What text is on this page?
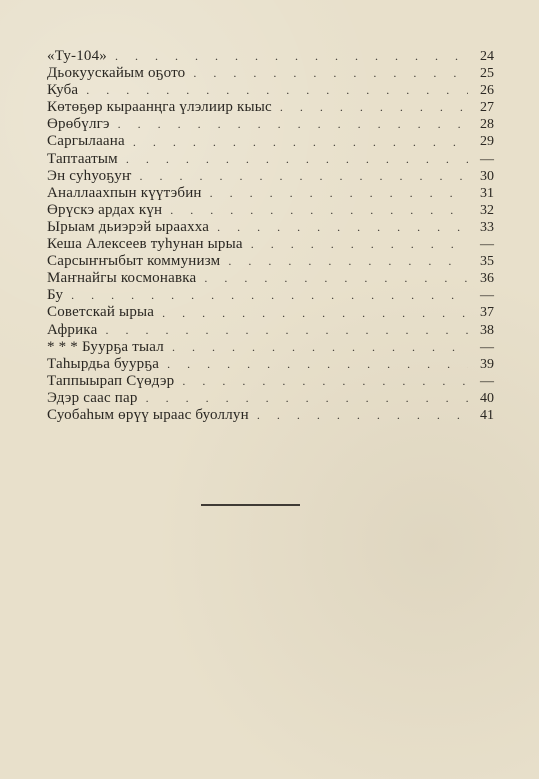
«Ту-104» . . .	24
Дьокуускайым оҕото . . .	25
Куба . . .	26
Көтөҕөр кыраанңга үлэлиир кыыс . . .	27
Өрөбүлгэ . . .	28
Саргылаана . . .	29
Таптаатым . . .	—
Эн суһуоҕуҥ . . .	30
Аналлаахпын күүтэбин . . .	31
Өрүскэ ардах күн . . .	32
Ырыам дьиэрэй ыраахха . . .	33
Кеша Алексеев туһунан ырыа . . .	—
Сарсыҥҥыбыт коммунизм . . .	35
Маҥнайгы космонавка . . .	36
Бу . . .	—
Советскай ырыа . . .	37
Африка . . .	38
* * * Буурҕа тыал . . .	—
Таһырдьа буурҕа . . .	39
Таппыырап Сүөдэр . . .	—
Эдэр саас пар . . .	40
Суобаһым өрүү ыраас буоллун . . .	41
